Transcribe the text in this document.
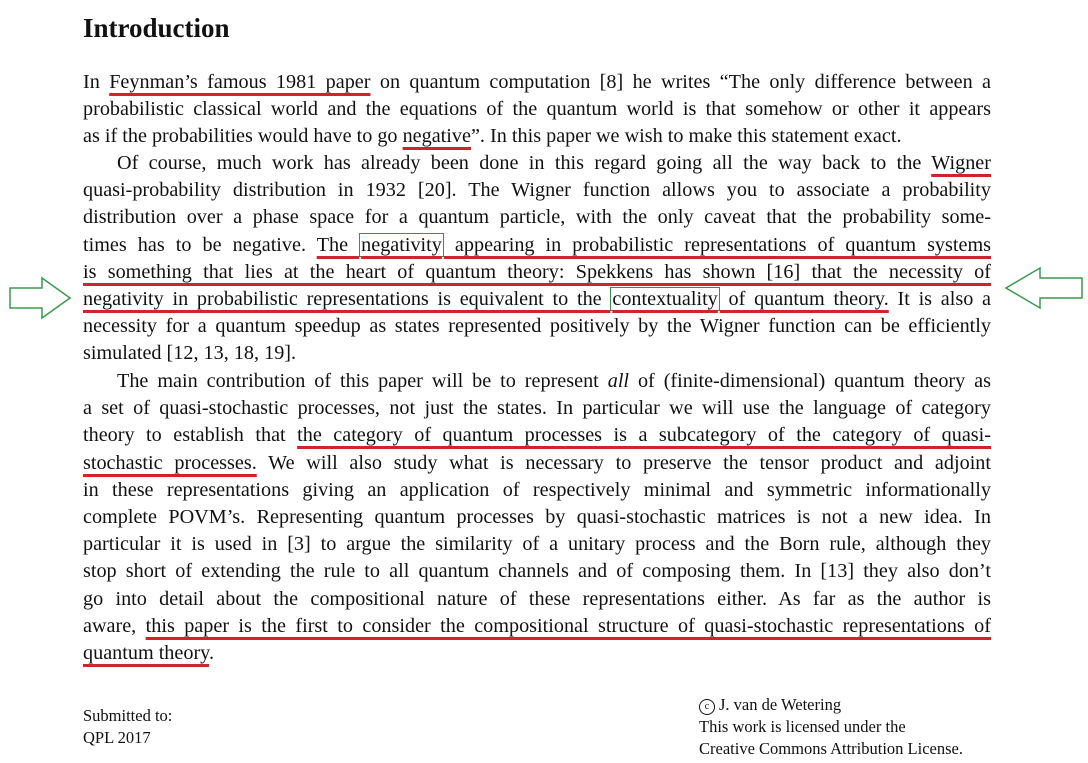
Introduction
In Feynman’s famous 1981 paper on quantum computation [8] he writes “The only difference between a
probabilistic classical world and the equations of the quantum world is that somehow or other it appears
as if the probabilities would have to go negative”. In this paper we wish to make this statement exact.
Of course, much work has already been done in this regard going all the way back to the Wigner
quasi-probability distribution in 1932 [20]. The Wigner function allows you to associate a probability
distribution over a phase space for a quantum particle, with the only caveat that the probability some-
times has to be negative. The negativity appearing in probabilistic representations of quantum systems
is something that lies at the heart of quantum theory: Spekkens has shown [16] that the necessity of
negativity in probabilistic representations is equivalent to the contextuality of quantum theory. It is also a
necessity for a quantum speedup as states represented positively by the Wigner function can be efficiently
simulated [12, 13, 18, 19].
The main contribution of this paper will be to represent all of (finite-dimensional) quantum theory as
a set of quasi-stochastic processes, not just the states. In particular we will use the language of category
theory to establish that the category of quantum processes is a subcategory of the category of quasi-
stochastic processes. We will also study what is necessary to preserve the tensor product and adjoint
in these representations giving an application of respectively minimal and symmetric informationally
complete POVM’s. Representing quantum processes by quasi-stochastic matrices is not a new idea. In
particular it is used in [3] to argue the similarity of a unitary process and the Born rule, although they
stop short of extending the rule to all quantum channels and of composing them. In [13] they also don’t
go into detail about the compositional nature of these representations either. As far as the author is
aware, this paper is the first to consider the compositional structure of quasi-stochastic representations of
quantum theory.
Submitted to:
QPL 2017
c J. van de Wetering
This work is licensed under the
Creative Commons Attribution License.
